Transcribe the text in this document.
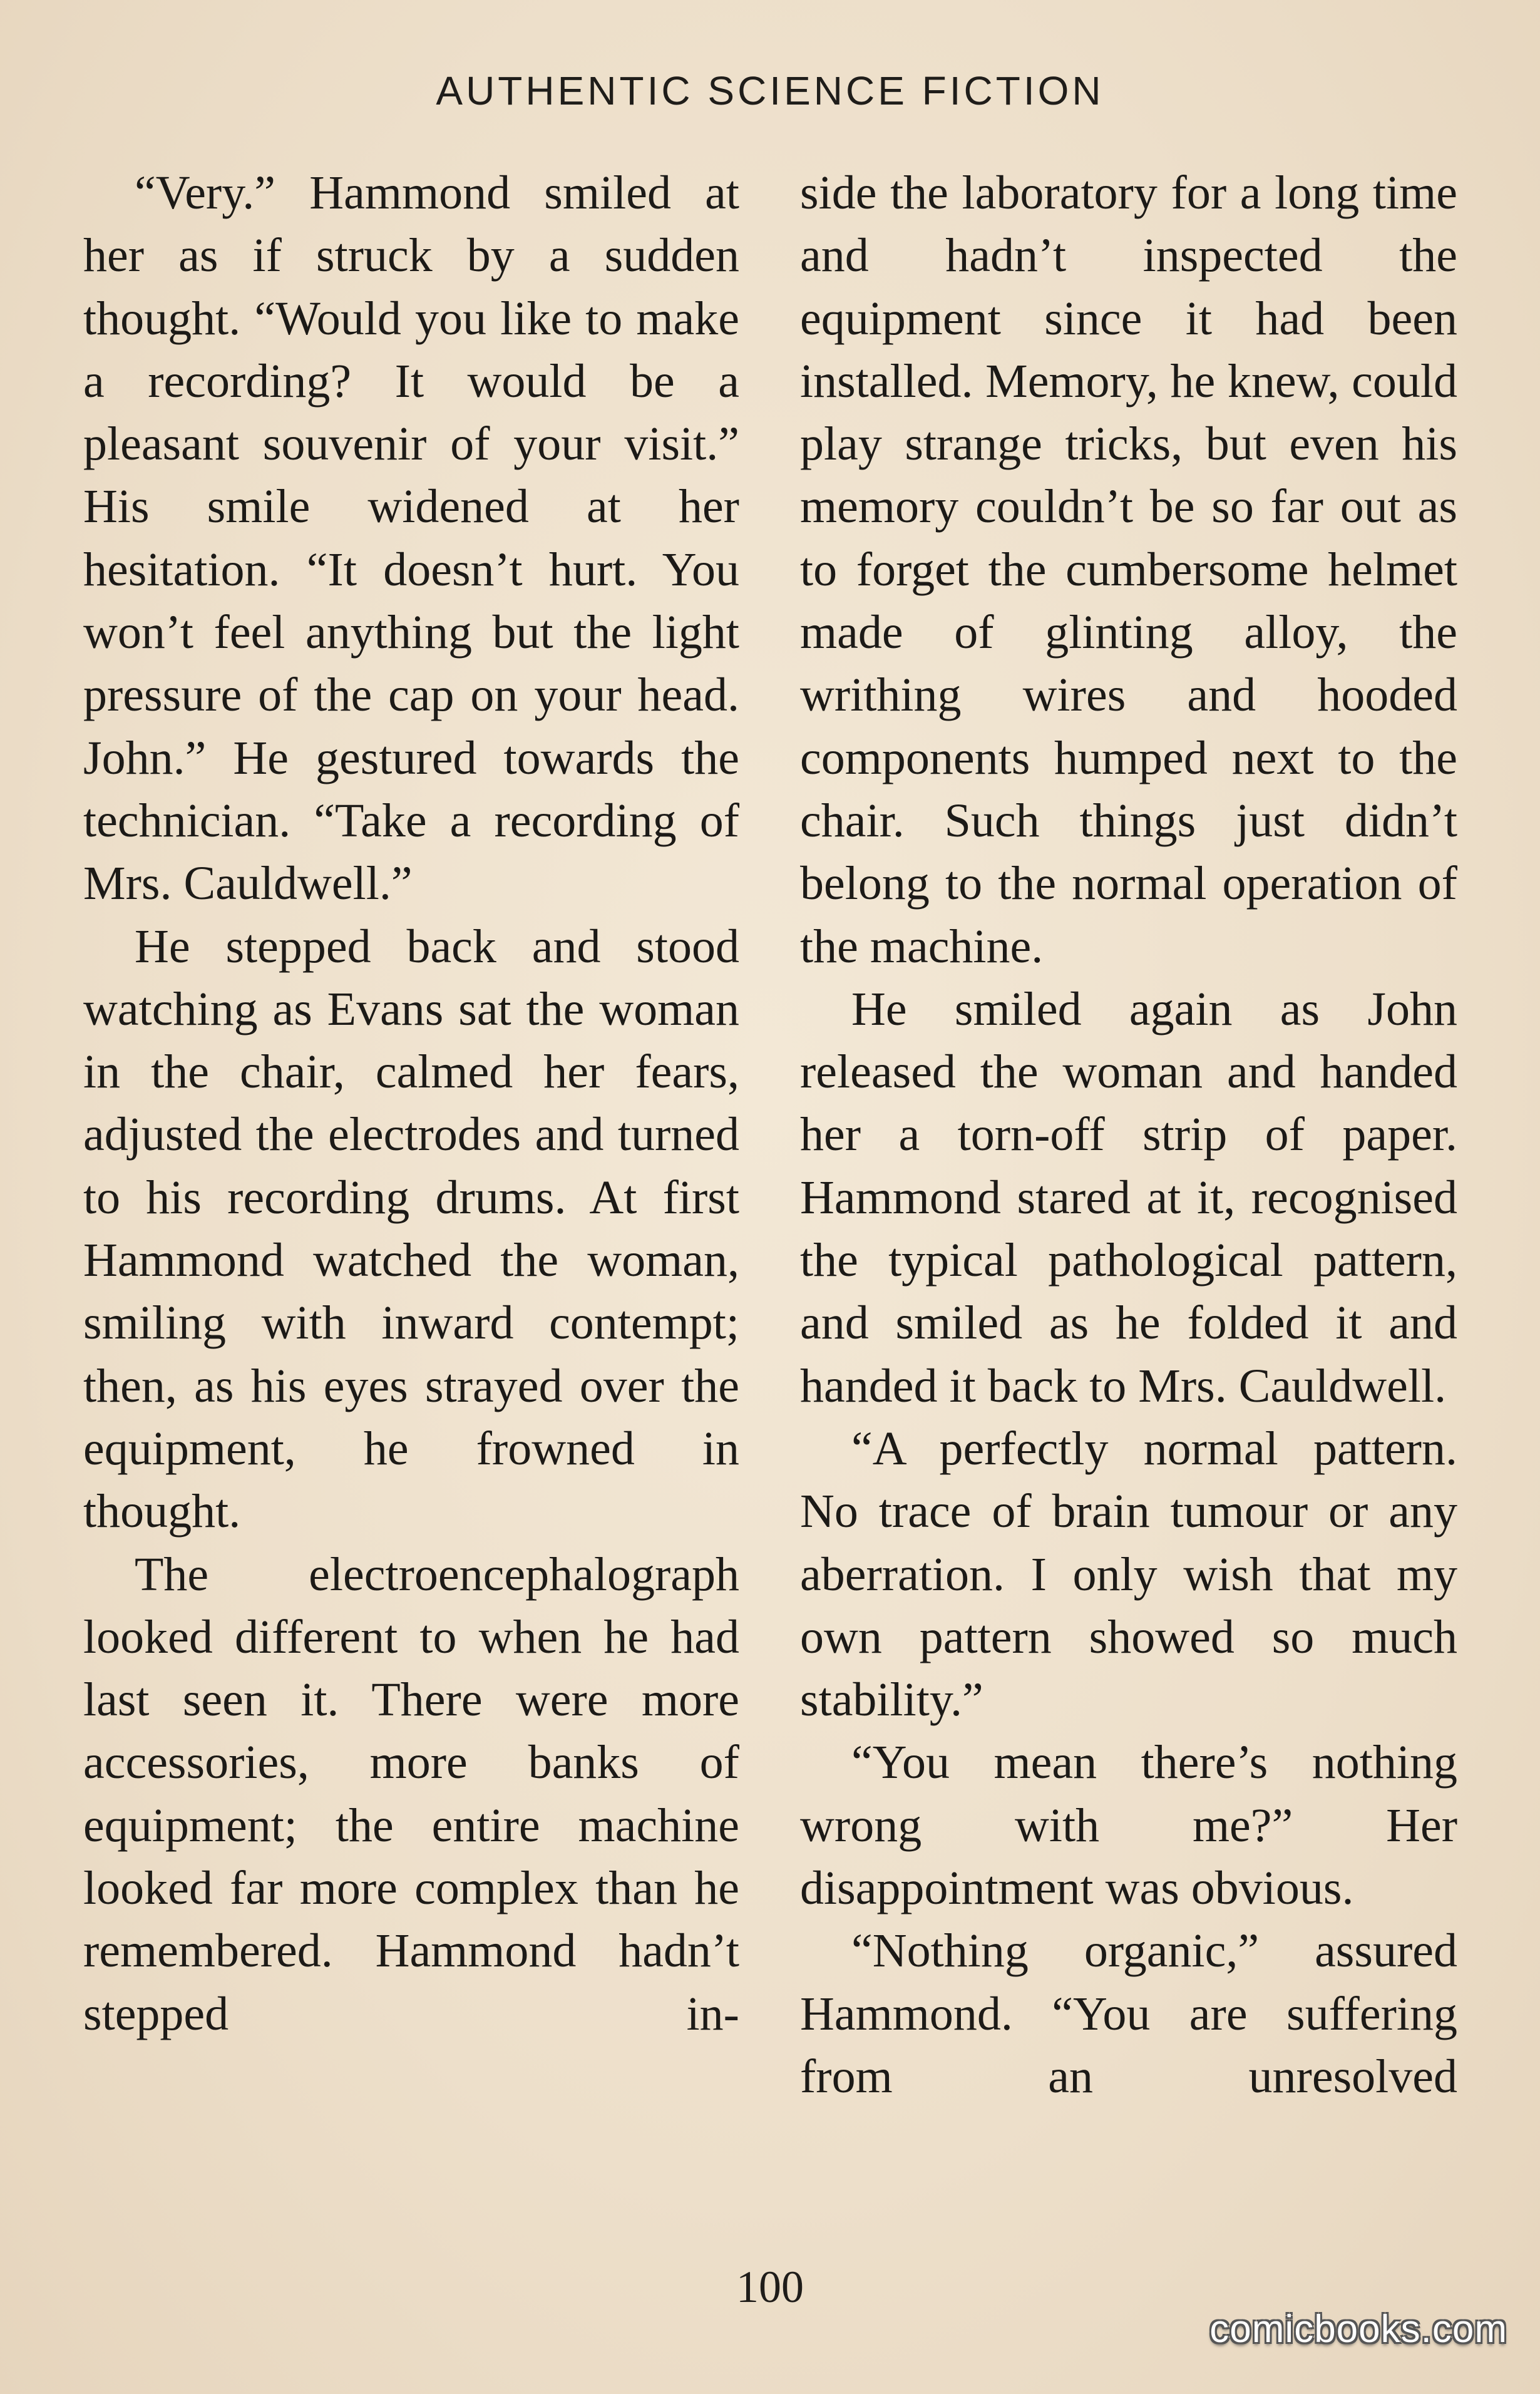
AUTHENTIC SCIENCE FICTION

“Very.” Hammond smiled at her as if struck by a sudden thought. “Would you like to make a recording? It would be a pleasant souvenir of your visit.” His smile widened at her hesitation. “It doesn’t hurt. You won’t feel anything but the light pressure of the cap on your head. John.” He gestured towards the technician. “Take a recording of Mrs. Cauldwell.”

He stepped back and stood watching as Evans sat the woman in the chair, calmed her fears, adjusted the electrodes and turned to his recording drums. At first Hammond watched the woman, smiling with inward contempt; then, as his eyes strayed over the equipment, he frowned in thought.

The electroencephalograph looked different to when he had last seen it. There were more accessories, more banks of equipment; the entire machine looked far more complex than he remembered. Hammond hadn’t stepped in-

side the laboratory for a long time and hadn’t inspected the equipment since it had been installed. Memory, he knew, could play strange tricks, but even his memory couldn’t be so far out as to forget the cumbersome helmet made of glinting alloy, the writhing wires and hooded components humped next to the chair. Such things just didn’t belong to the normal operation of the machine.

He smiled again as John released the woman and handed her a torn-off strip of paper. Hammond stared at it, recognised the typical pathological pattern, and smiled as he folded it and handed it back to Mrs. Cauldwell.

“A perfectly normal pattern. No trace of brain tumour or any aberration. I only wish that my own pattern showed so much stability.”

“You mean there’s nothing wrong with me?” Her disappointment was obvious.

“Nothing organic,” assured Hammond. “You are suffering from an unresolved

100
comicbooks.com
